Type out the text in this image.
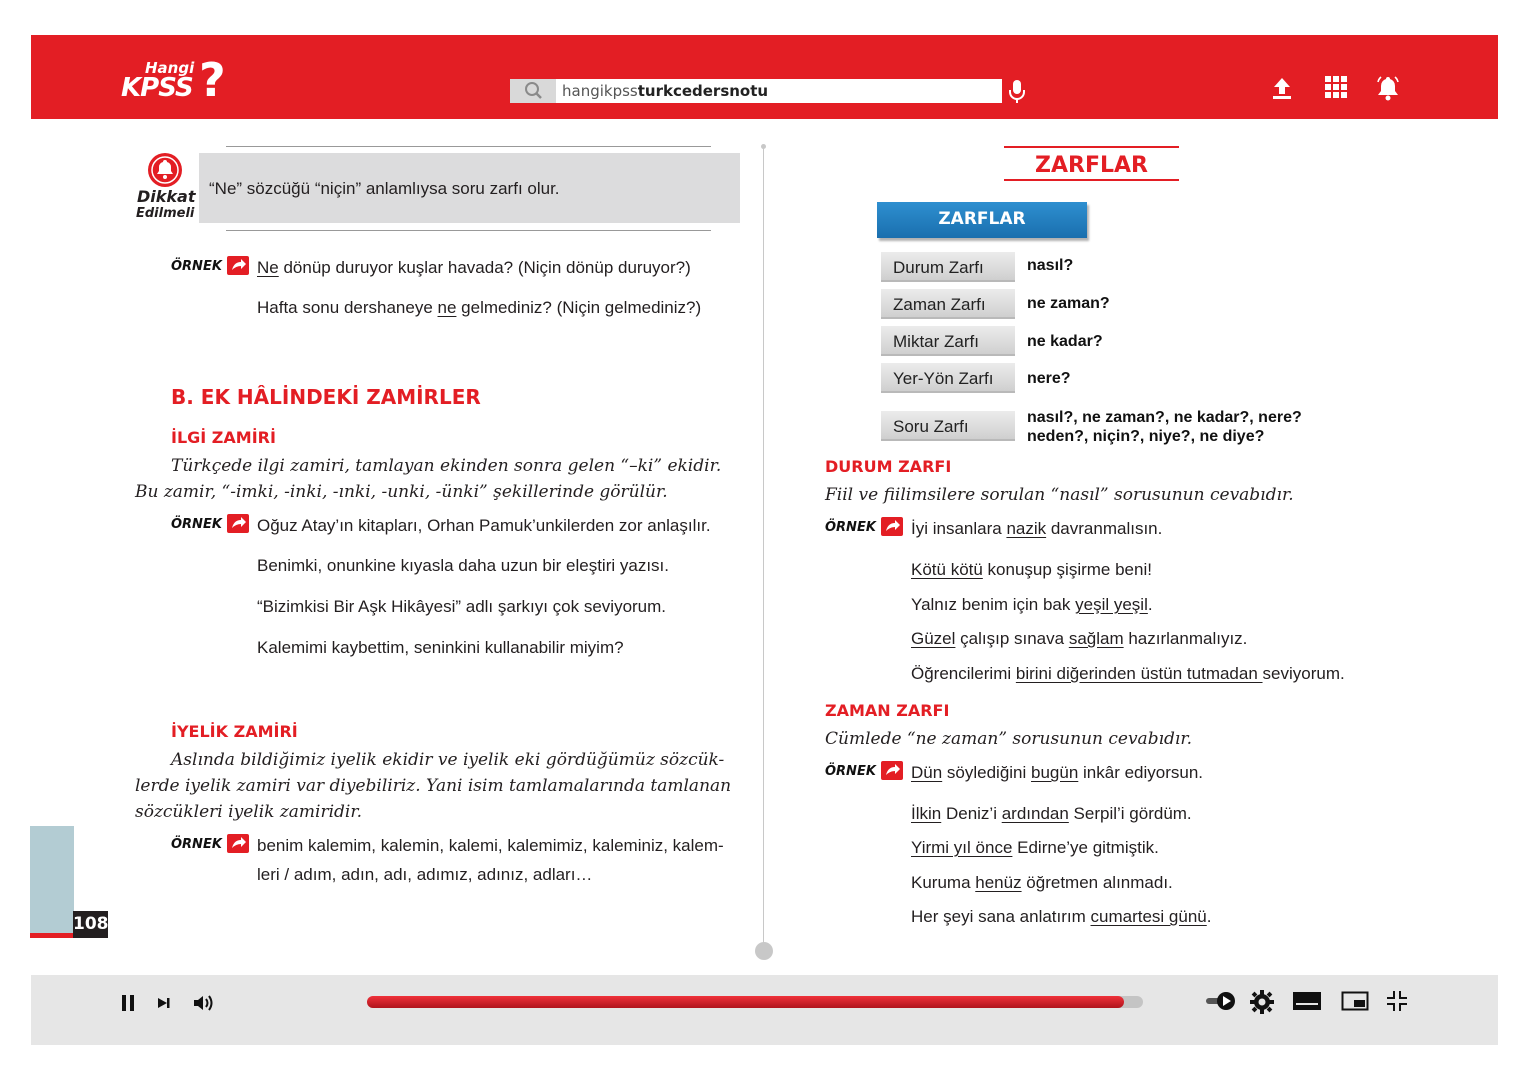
Hangi
KPSS ?	hangikpssturkcedersnotu
Dikkat
Edilmeli
“Ne” sözcüğü “niçin” anlamlıysa soru zarfı olur.
ÖRNEK Ne dönüp duruyor kuşlar havada? (Niçin dönüp duruyor?)
Hafta sonu dershaneye ne gelmediniz? (Niçin gelmediniz?)
B. EK HÂLİNDEKİ ZAMİRLER
İLGİ ZAMİRİ
Türkçede ilgi zamiri, tamlayan ekinden sonra gelen “–ki” ekidir.
Bu zamir, “-imki, -inki, -ınki, -unki, -ünki” şekillerinde görülür.
ÖRNEK Oğuz Atay’ın kitapları, Orhan Pamuk’unkilerden zor anlaşılır.
Benimki, onunkine kıyasla daha uzun bir eleştiri yazısı.
“Bizimkisi Bir Aşk Hikâyesi” adlı şarkıyı çok seviyorum.
Kalemimi kaybettim, seninkini kullanabilir miyim?
İYELİK ZAMİRİ
Aslında bildiğimiz iyelik ekidir ve iyelik eki gördüğümüz sözcük-
lerde iyelik zamiri var diyebiliriz. Yani isim tamlamalarında tamlanan
sözcükleri iyelik zamiridir.
ÖRNEK benim kalemim, kalemin, kalemi, kalemimiz, kaleminiz, kalem-
leri / adım, adın, adı, adımız, adınız, adları…
108
ZARFLAR
ZARFLAR
Durum Zarfı	nasıl?
Zaman Zarfı	ne zaman?
Miktar Zarfı	ne kadar?
Yer-Yön Zarfı	nere?
Soru Zarfı	nasıl?, ne zaman?, ne kadar?, nere?
neden?, niçin?, niye?, ne diye?
DURUM ZARFI
Fiil ve fiilimsilere sorulan “nasıl” sorusunun cevabıdır.
ÖRNEK İyi insanlara nazik davranmalısın.
Kötü kötü konuşup şişirme beni!
Yalnız benim için bak yeşil yeşil.
Güzel çalışıp sınava sağlam hazırlanmalıyız.
Öğrencilerimi birini diğerinden üstün tutmadan seviyorum.
ZAMAN ZARFI
Cümlede “ne zaman” sorusunun cevabıdır.
ÖRNEK Dün söylediğini bugün inkâr ediyorsun.
İlkin Deniz’i ardından Serpil’i gördüm.
Yirmi yıl önce Edirne’ye gitmiştik.
Kuruma henüz öğretmen alınmadı.
Her şeyi sana anlatırım cumartesi günü.
